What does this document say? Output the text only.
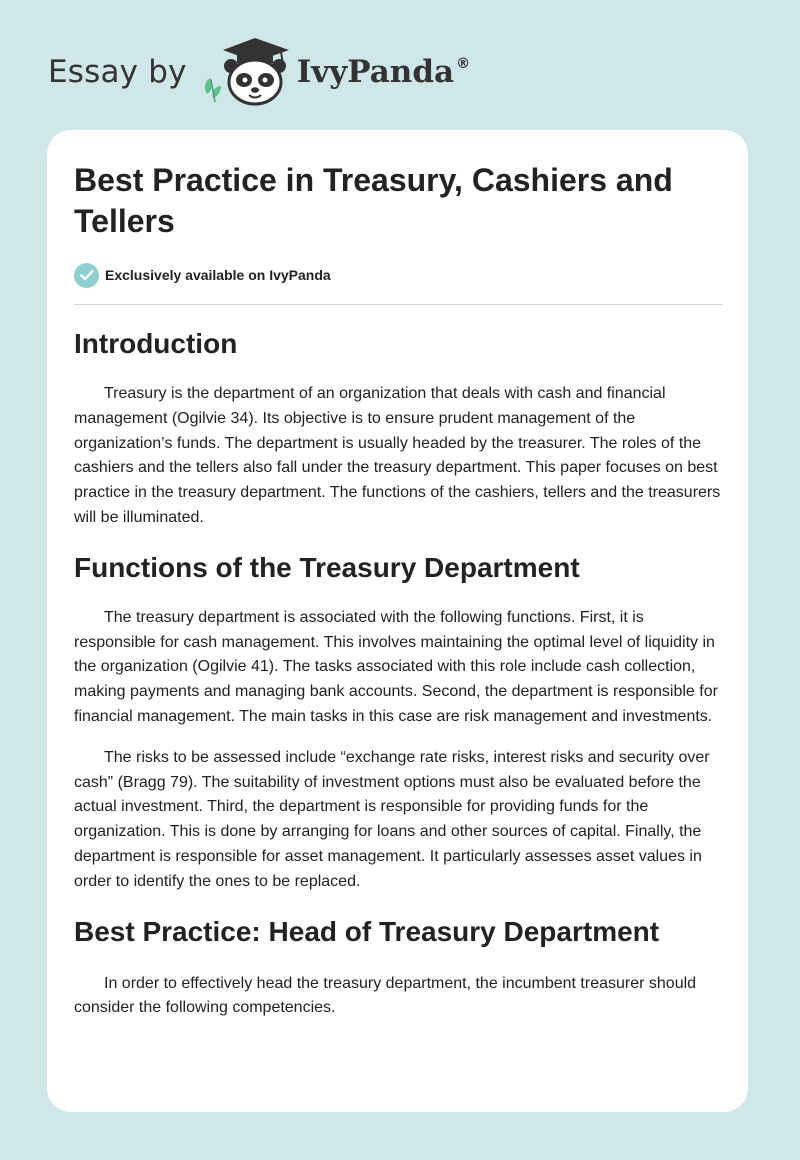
Essay by	IvyPanda®
Best Practice in Treasury, Cashiers and Tellers
Exclusively available on IvyPanda
Introduction

Treasury is the department of an organization that deals with cash and financial management (Ogilvie 34). Its objective is to ensure prudent management of the organization’s funds. The department is usually headed by the treasurer. The roles of the cashiers and the tellers also fall under the treasury department. This paper focuses on best practice in the treasury department. The functions of the cashiers, tellers and the treasurers will be illuminated.

Functions of the Treasury Department

The treasury department is associated with the following functions. First, it is responsible for cash management. This involves maintaining the optimal level of liquidity in the organization (Ogilvie 41). The tasks associated with this role include cash collection, making payments and managing bank accounts. Second, the department is responsible for financial management. The main tasks in this case are risk management and investments.

The risks to be assessed include “exchange rate risks, interest risks and security over cash” (Bragg 79). The suitability of investment options must also be evaluated before the actual investment. Third, the department is responsible for providing funds for the organization. This is done by arranging for loans and other sources of capital. Finally, the department is responsible for asset management. It particularly assesses asset values in order to identify the ones to be replaced.

Best Practice: Head of Treasury Department

In order to effectively head the treasury department, the incumbent treasurer should consider the following competencies.
